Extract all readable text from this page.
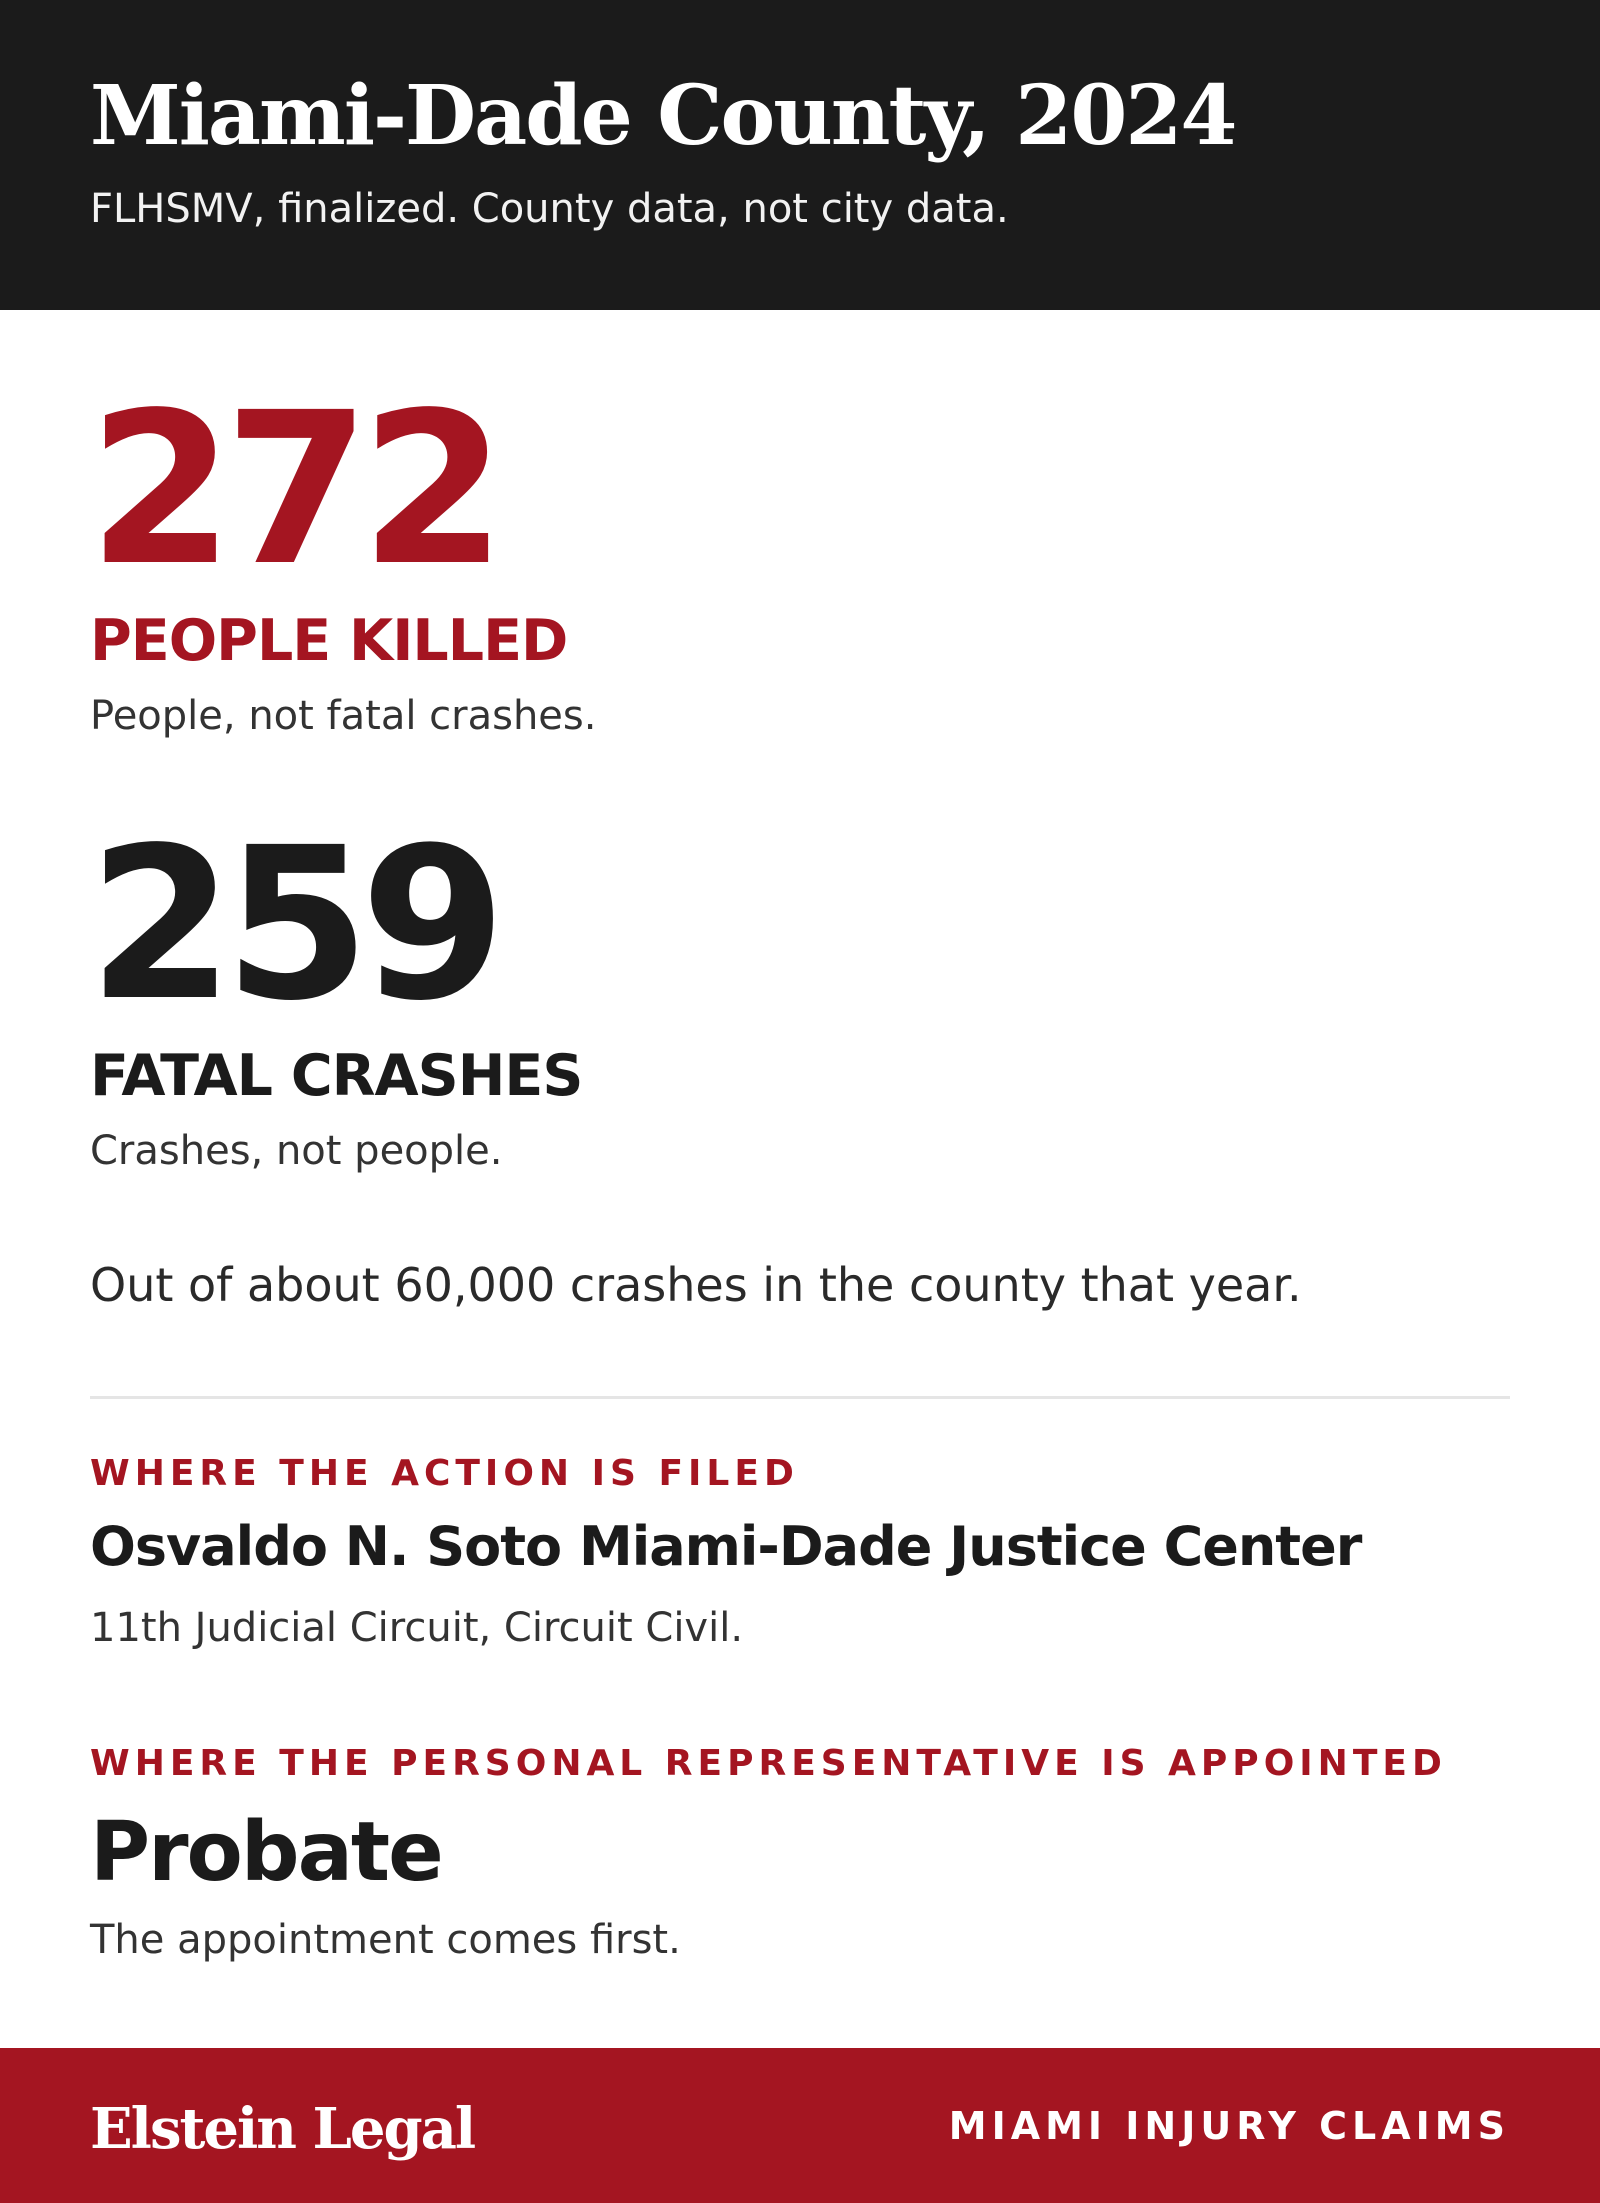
Miami-Dade County, 2024
FLHSMV, finalized. County data, not city data.
272
PEOPLE KILLED
People, not fatal crashes.
259
FATAL CRASHES
Crashes, not people.
Out of about 60,000 crashes in the county that year.
WHERE THE ACTION IS FILED
Osvaldo N. Soto Miami-Dade Justice Center
11th Judicial Circuit, Circuit Civil.
WHERE THE PERSONAL REPRESENTATIVE IS APPOINTED
Probate
The appointment comes first.
Elstein Legal	MIAMI INJURY CLAIMS
